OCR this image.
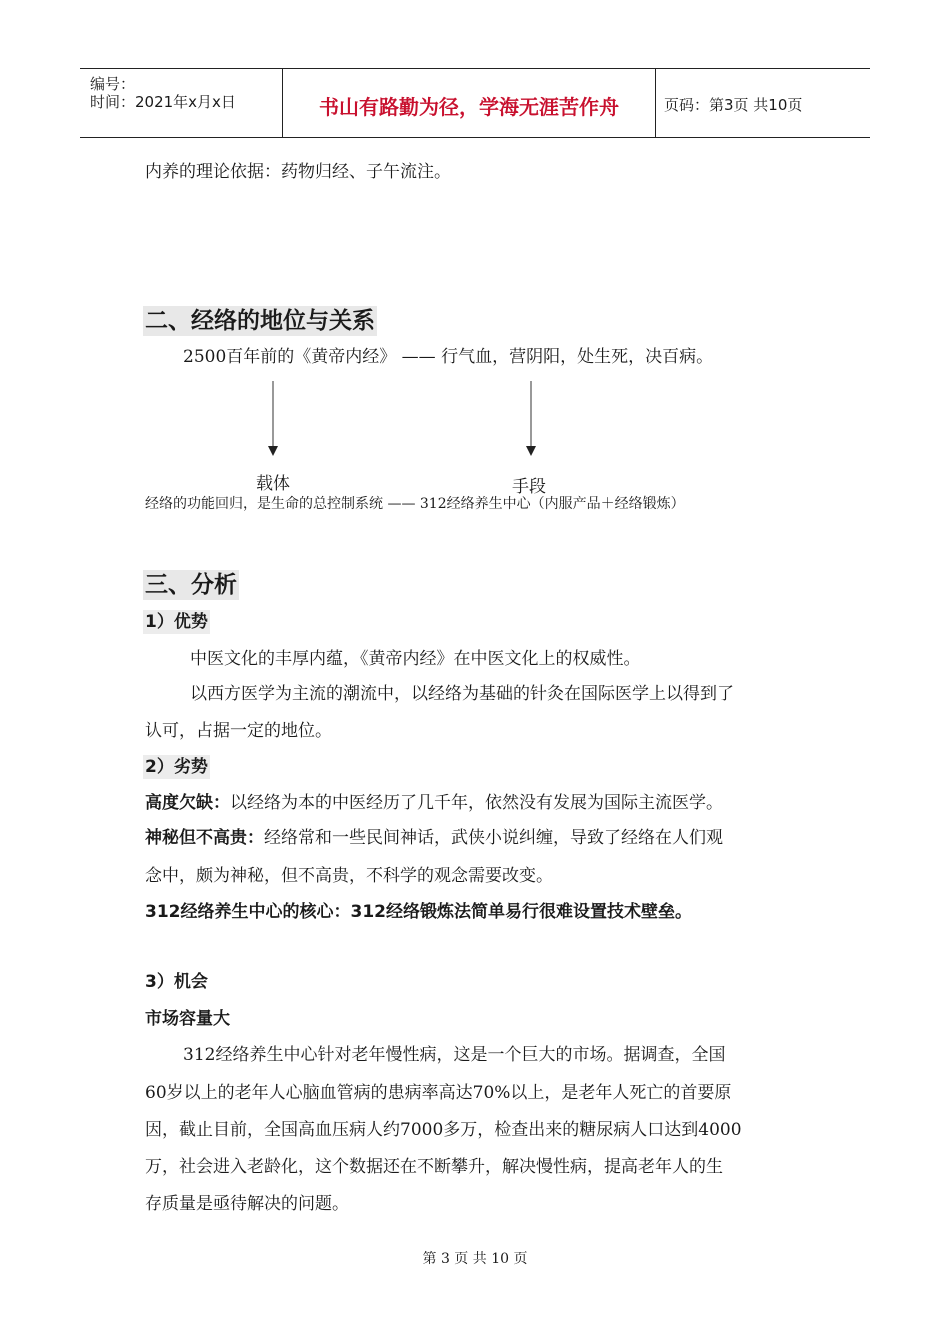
编号：
时间：2021年x月x日	书山有路勤为径，学海无涯苦作舟	页码：第3页 共10页
内养的理论依据：药物归经、子午流注。
二、经络的地位与关系
2500百年前的《黄帝内经》 —— 行气血，营阴阳，处生死，决百病。
载体	手段
经络的功能回归，是生命的总控制系统 —— 312经络养生中心（内服产品＋经络锻炼）
三、分析
1）优势
中医文化的丰厚内蕴，《黄帝内经》在中医文化上的权威性。
以西方医学为主流的潮流中，以经络为基础的针灸在国际医学上以得到了
认可，占据一定的地位。
2）劣势
高度欠缺：以经络为本的中医经历了几千年，依然没有发展为国际主流医学。
神秘但不高贵：经络常和一些民间神话，武侠小说纠缠，导致了经络在人们观
念中，颇为神秘，但不高贵，不科学的观念需要改变。
312经络养生中心的核心：312经络锻炼法简单易行很难设置技术壁垒。
3）机会
市场容量大
312经络养生中心针对老年慢性病，这是一个巨大的市场。据调查，全国
60岁以上的老年人心脑血管病的患病率高达70%以上，是老年人死亡的首要原
因，截止目前，全国高血压病人约7000多万，检查出来的糖尿病人口达到4000
万，社会进入老龄化，这个数据还在不断攀升，解决慢性病，提高老年人的生
存质量是亟待解决的问题。
第 3 页 共 10 页
